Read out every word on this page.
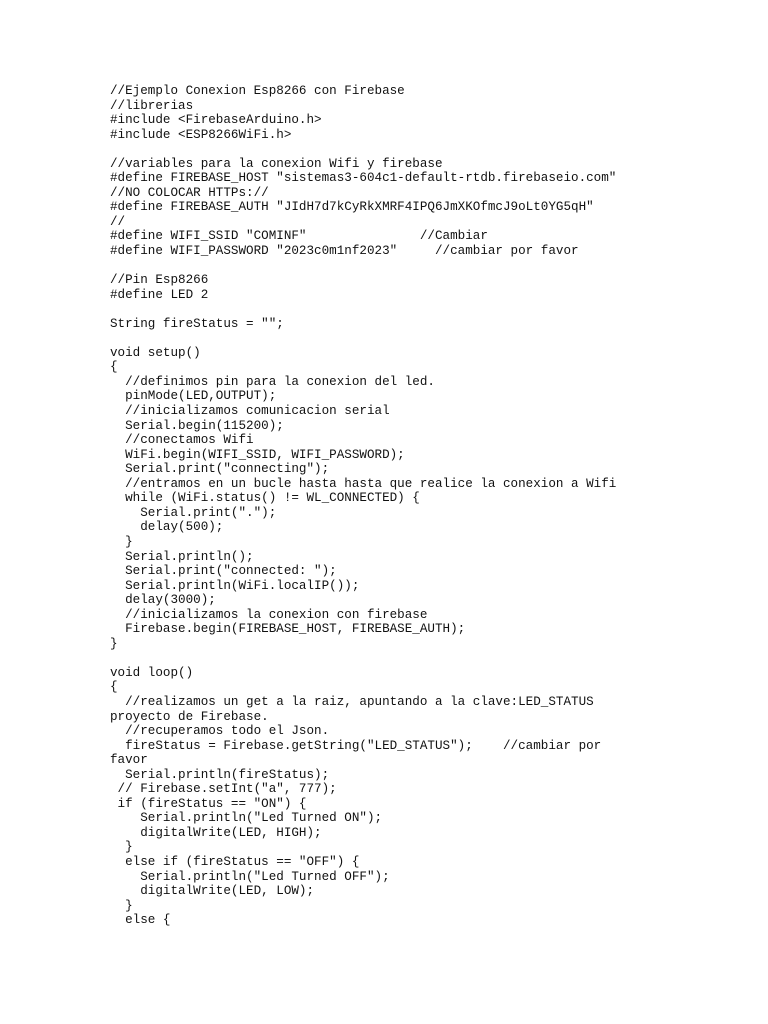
//Ejemplo Conexion Esp8266 con Firebase
//librerias
#include <FirebaseArduino.h>
#include <ESP8266WiFi.h>
//variables para la conexion Wifi y firebase
#define FIREBASE_HOST "sistemas3-604c1-default-rtdb.firebaseio.com"
//NO COLOCAR HTTPs://
#define FIREBASE_AUTH "JIdH7d7kCyRkXMRF4IPQ6JmXKOfmcJ9oLt0YG5qH"
//
#define WIFI_SSID "COMINF"               //Cambiar
#define WIFI_PASSWORD "2023c0m1nf2023"     //cambiar por favor
//Pin Esp8266
#define LED 2
String fireStatus = "";
void setup()
{
//definimos pin para la conexion del led.
pinMode(LED,OUTPUT);
//inicializamos comunicacion serial
Serial.begin(115200);
//conectamos Wifi
WiFi.begin(WIFI_SSID, WIFI_PASSWORD);
Serial.print("connecting");
//entramos en un bucle hasta hasta que realice la conexion a Wifi
while (WiFi.status() != WL_CONNECTED) {
Serial.print(".");
delay(500);
}
Serial.println();
Serial.print("connected: ");
Serial.println(WiFi.localIP());
delay(3000);
//inicializamos la conexion con firebase
Firebase.begin(FIREBASE_HOST, FIREBASE_AUTH);
}
void loop()
{
//realizamos un get a la raiz, apuntando a la clave:LED_STATUS
proyecto de Firebase.
//recuperamos todo el Json.
fireStatus = Firebase.getString("LED_STATUS");    //cambiar por
favor
Serial.println(fireStatus);
// Firebase.setInt("a", 777);
if (fireStatus == "ON") {
Serial.println("Led Turned ON");
digitalWrite(LED, HIGH);
}
else if (fireStatus == "OFF") {
Serial.println("Led Turned OFF");
digitalWrite(LED, LOW);
}
else {
